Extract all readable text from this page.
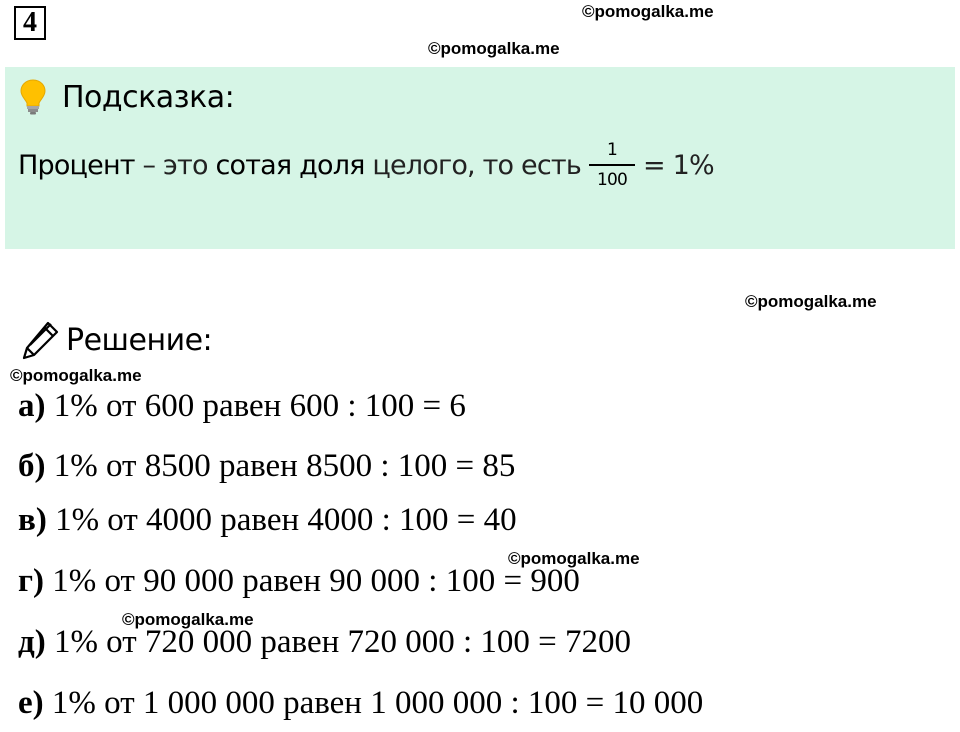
4	©pomogalka.me
©pomogalka.me
©pomogalka.me
©pomogalka.me
©pomogalka.me
©pomogalka.me
Подсказка:
Процент – это сотая доля целого, то есть $\frac{1}{100} = 1\%$
Решение:
а) 1% от 600 равен 600 : 100 = 6
б) 1% от 8500 равен 8500 : 100 = 85
в) 1% от 4000 равен 4000 : 100 = 40
г) 1% от 90 000 равен 90 000 : 100 = 900
д) 1% от 720 000 равен 720 000 : 100 = 7200
е) 1% от 1 000 000 равен 1 000 000 : 100 = 10 000
